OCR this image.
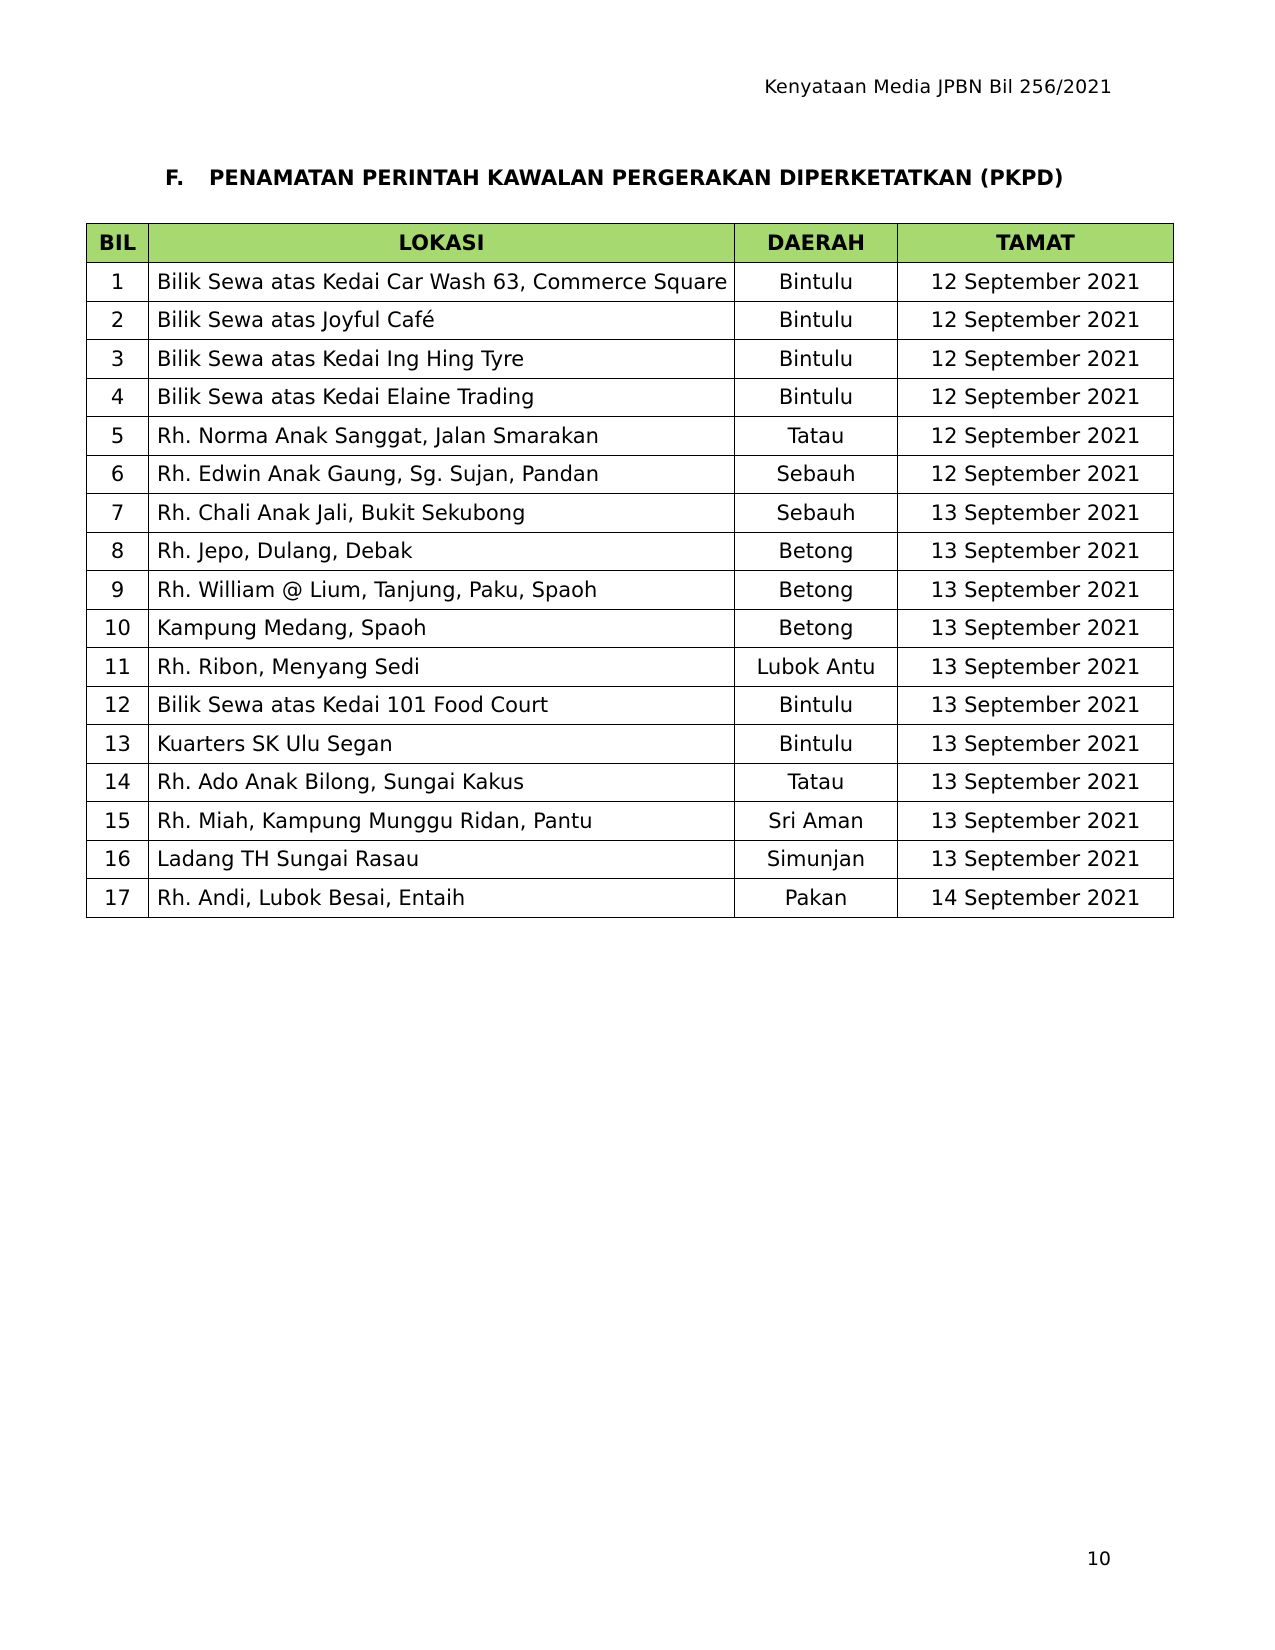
Kenyataan Media JPBN Bil 256/2021
F. PENAMATAN PERINTAH KAWALAN PERGERAKAN DIPERKETATKAN (PKPD)
BIL	LOKASI	DAERAH	TAMAT
1	Bilik Sewa atas Kedai Car Wash 63, Commerce Square	Bintulu	12 September 2021
2	Bilik Sewa atas Joyful Café	Bintulu	12 September 2021
3	Bilik Sewa atas Kedai Ing Hing Tyre	Bintulu	12 September 2021
4	Bilik Sewa atas Kedai Elaine Trading	Bintulu	12 September 2021
5	Rh. Norma Anak Sanggat, Jalan Smarakan	Tatau	12 September 2021
6	Rh. Edwin Anak Gaung, Sg. Sujan, Pandan	Sebauh	12 September 2021
7	Rh. Chali Anak Jali, Bukit Sekubong	Sebauh	13 September 2021
8	Rh. Jepo, Dulang, Debak	Betong	13 September 2021
9	Rh. William @ Lium, Tanjung, Paku, Spaoh	Betong	13 September 2021
10	Kampung Medang, Spaoh	Betong	13 September 2021
11	Rh. Ribon, Menyang Sedi	Lubok Antu	13 September 2021
12	Bilik Sewa atas Kedai 101 Food Court	Bintulu	13 September 2021
13	Kuarters SK Ulu Segan	Bintulu	13 September 2021
14	Rh. Ado Anak Bilong, Sungai Kakus	Tatau	13 September 2021
15	Rh. Miah, Kampung Munggu Ridan, Pantu	Sri Aman	13 September 2021
16	Ladang TH Sungai Rasau	Simunjan	13 September 2021
17	Rh. Andi, Lubok Besai, Entaih	Pakan	14 September 2021
10
